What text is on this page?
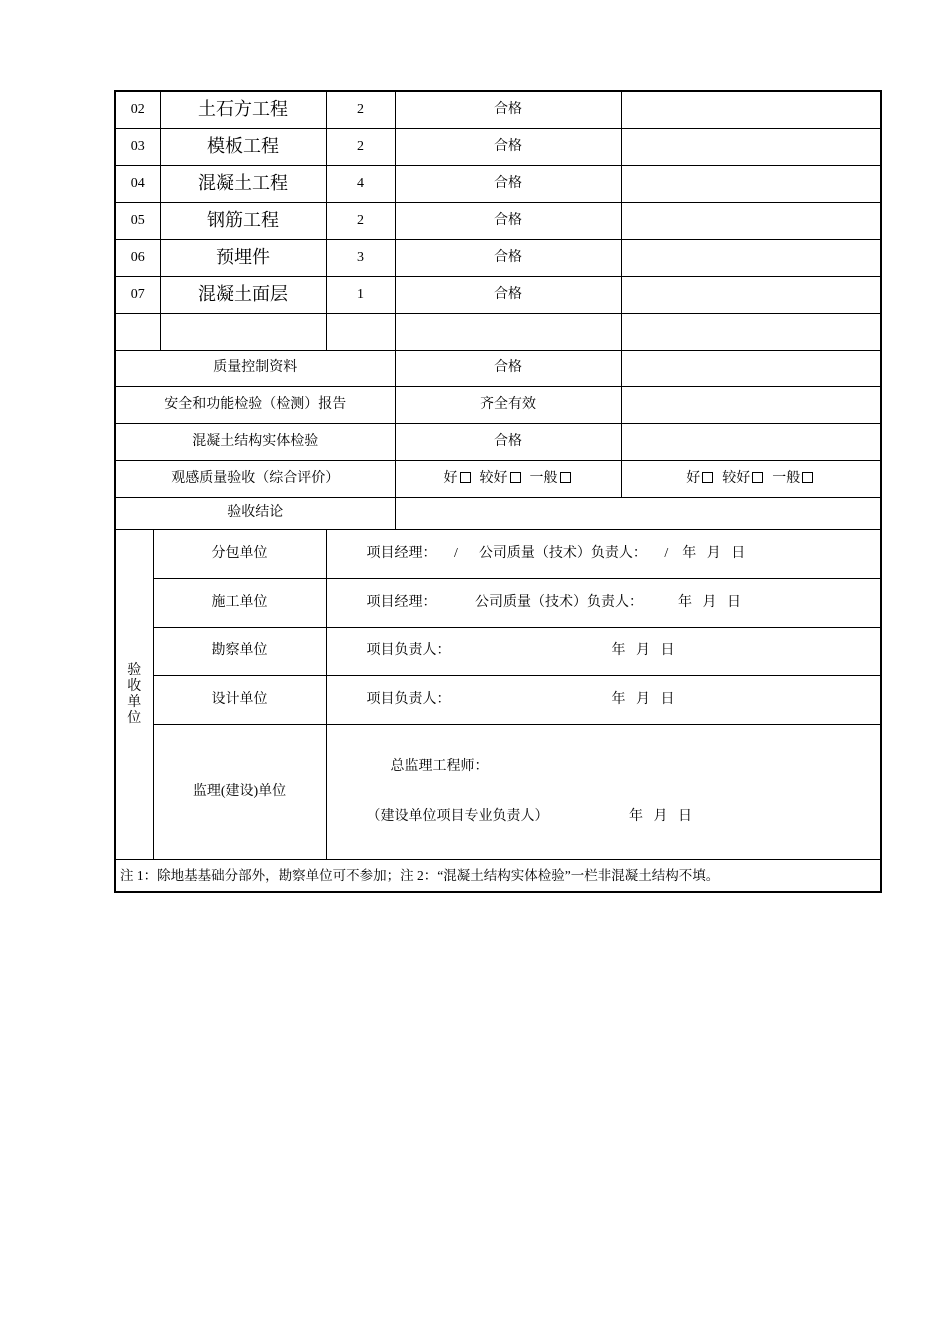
02		土石方工程	2	合格	
03		模板工程	2	合格	
04		混凝土工程	4	合格	
05		钢筋工程	2	合格	
06		预埋件	3	合格	
07		混凝土面层	1	合格	

质量控制资料				合格	
安全和功能检验（检测）报告				齐全有效	
混凝土结构实体检验				合格	
观感质量验收（综合评价）				好 较好 一般	好 较好 一般
验收结论					
验
收
单
位	分包单位		项目经理：     /      公司质量（技术）负责人：     /    年   月   日		
	施工单位		项目经理：           公司质量（技术）负责人：          年   月   日		
	勘察单位		项目负责人：                                              年   月   日		
	设计单位		项目负责人：                                              年   月   日		
	监理(建设)单位		总监理工程师：

（建设单位项目专业负责人）                       年   月   日		

注 1：除地基基础分部外，勘察单位可不参加；注 2：“混凝土结构实体检验”一栏非混凝土结构不填。					
